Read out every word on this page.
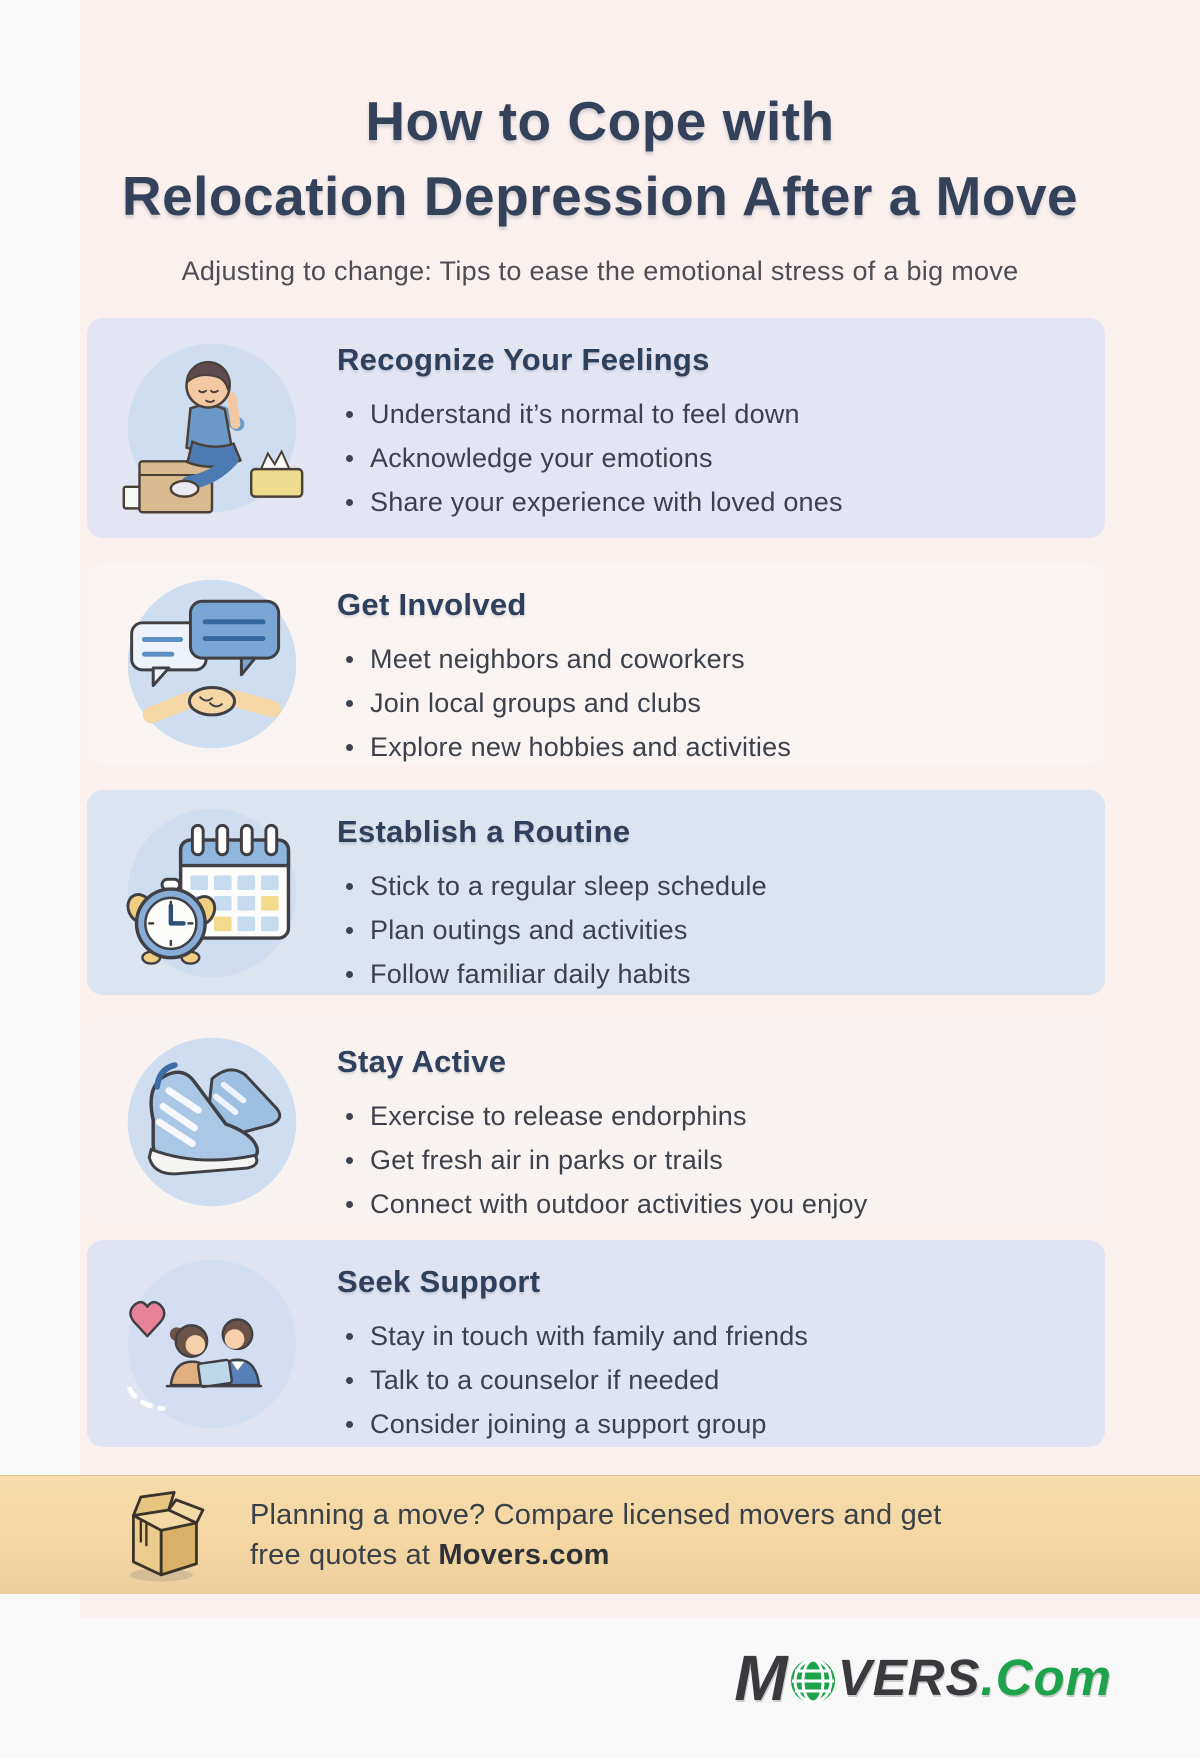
How to Cope with
Relocation Depression After a Move
Adjusting to change: Tips to ease the emotional stress of a big move
Recognize Your Feelings
Understand it’s normal to feel down
Acknowledge your emotions
Share your experience with loved ones
Get Involved
Meet neighbors and coworkers
Join local groups and clubs
Explore new hobbies and activities
Establish a Routine
Stick to a regular sleep schedule
Plan outings and activities
Follow familiar daily habits
Stay Active
Exercise to release endorphins
Get fresh air in parks or trails
Connect with outdoor activities you enjoy
Seek Support
Stay in touch with family and friends
Talk to a counselor if needed
Consider joining a support group
Planning a move? Compare licensed movers and get free quotes at Movers.com
M VERS .Com
